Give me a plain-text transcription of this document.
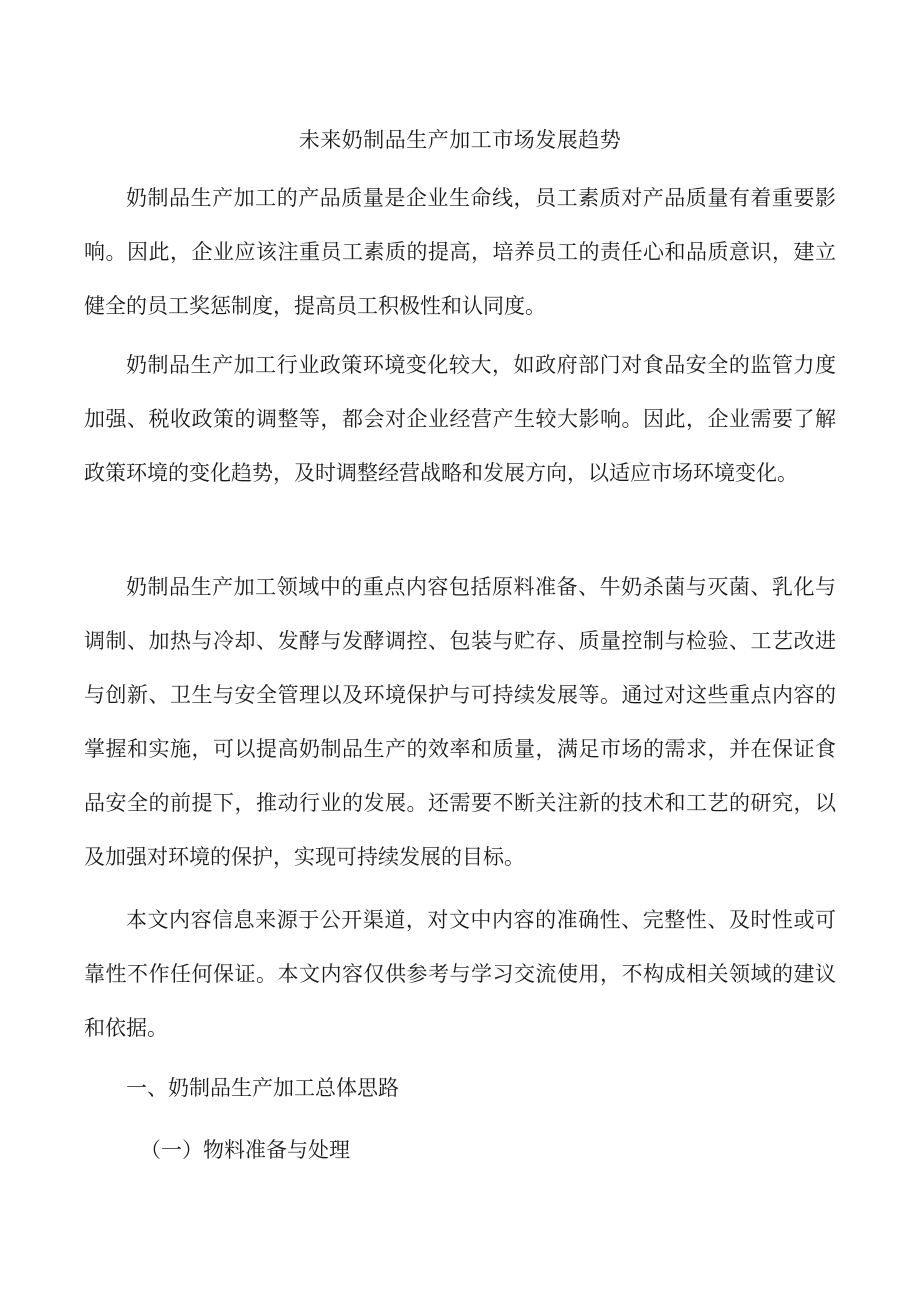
未来奶制品生产加工市场发展趋势

奶制品生产加工的产品质量是企业生命线，员工素质对产品质量有着重要影响。因此，企业应该注重员工素质的提高，培养员工的责任心和品质意识，建立健全的员工奖惩制度，提高员工积极性和认同度。

奶制品生产加工行业政策环境变化较大，如政府部门对食品安全的监管力度加强、税收政策的调整等，都会对企业经营产生较大影响。因此，企业需要了解政策环境的变化趋势，及时调整经营战略和发展方向，以适应市场环境变化。

奶制品生产加工领域中的重点内容包括原料准备、牛奶杀菌与灭菌、乳化与调制、加热与冷却、发酵与发酵调控、包装与贮存、质量控制与检验、工艺改进与创新、卫生与安全管理以及环境保护与可持续发展等。通过对这些重点内容的掌握和实施，可以提高奶制品生产的效率和质量，满足市场的需求，并在保证食品安全的前提下，推动行业的发展。还需要不断关注新的技术和工艺的研究，以及加强对环境的保护，实现可持续发展的目标。

本文内容信息来源于公开渠道，对文中内容的准确性、完整性、及时性或可靠性不作任何保证。本文内容仅供参考与学习交流使用，不构成相关领域的建议和依据。

一、奶制品生产加工总体思路
（一）物料准备与处理
